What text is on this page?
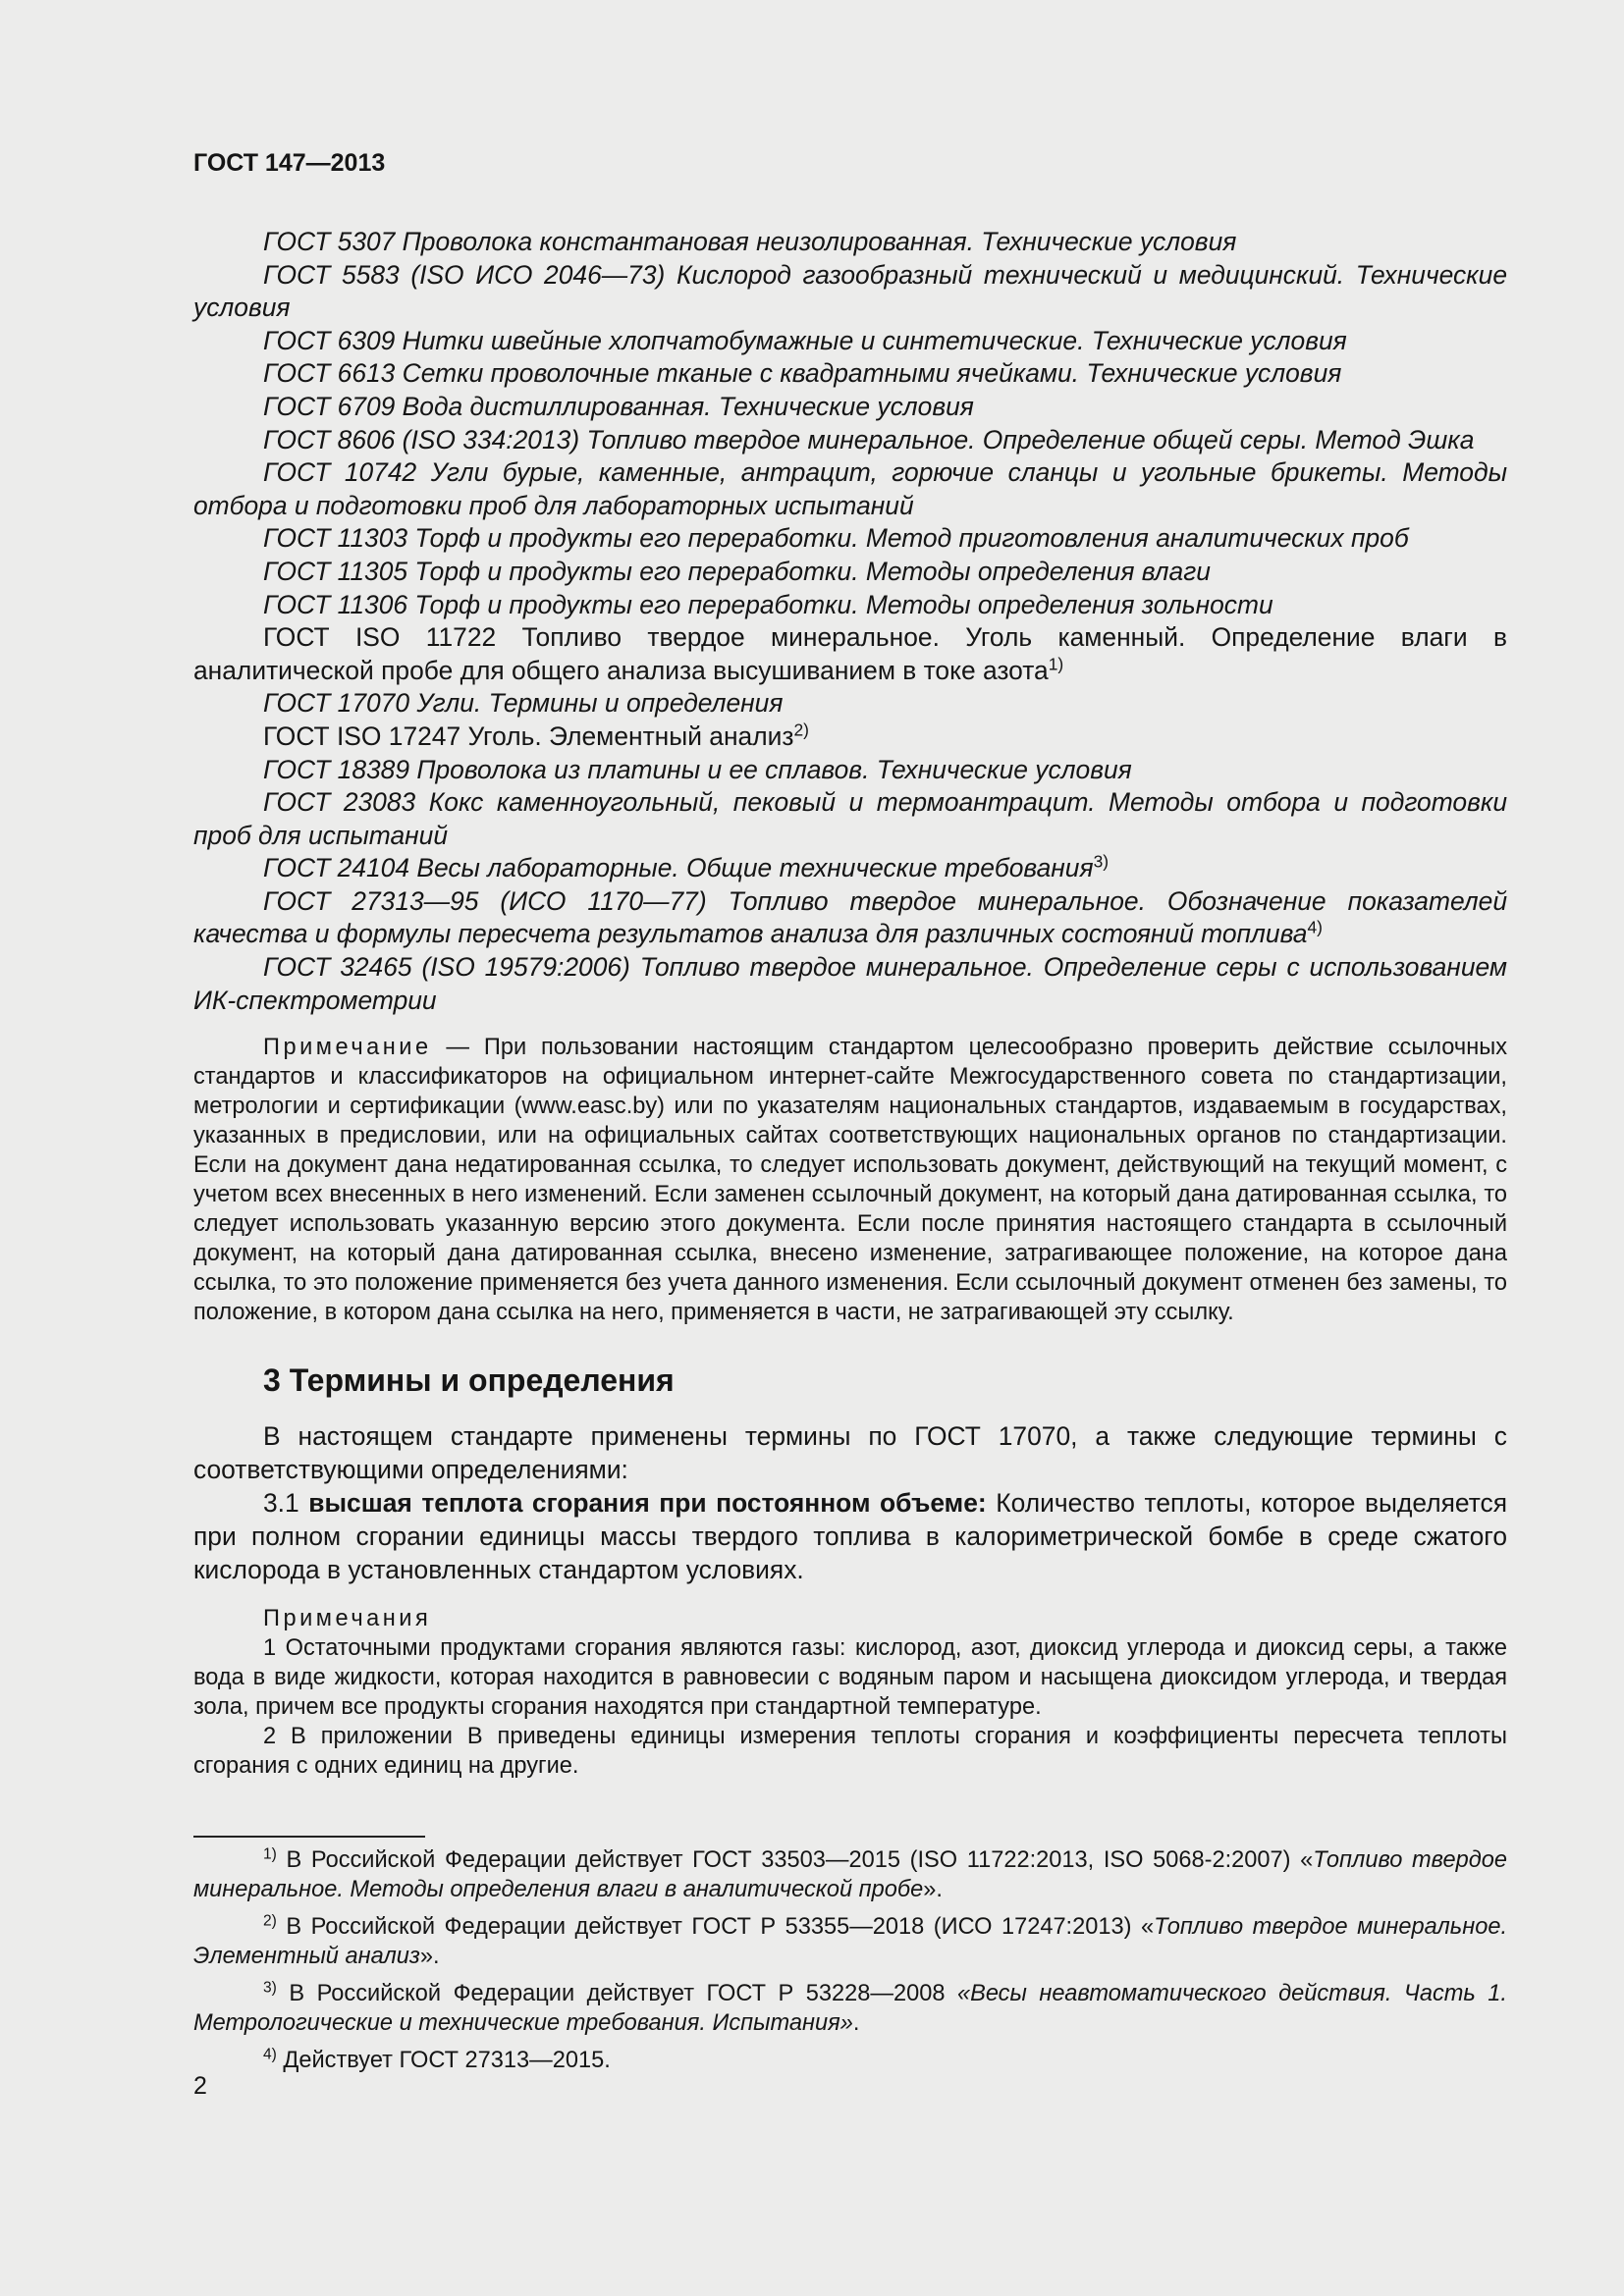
ГОСТ 147—2013

ГОСТ 5307 Проволока константановая неизолированная. Технические условия

ГОСТ 5583 (ISO ИСО 2046—73) Кислород газообразный технический и медицинский. Технические условия

ГОСТ 6309 Нитки швейные хлопчатобумажные и синтетические. Технические условия

ГОСТ 6613 Сетки проволочные тканые с квадратными ячейками. Технические условия

ГОСТ 6709 Вода дистиллированная. Технические условия

ГОСТ 8606 (ISO 334:2013) Топливо твердое минеральное. Определение общей серы. Метод Эшка

ГОСТ 10742 Угли бурые, каменные, антрацит, горючие сланцы и угольные брикеты. Методы отбора и подготовки проб для лабораторных испытаний

ГОСТ 11303 Торф и продукты его переработки. Метод приготовления аналитических проб

ГОСТ 11305 Торф и продукты его переработки. Методы определения влаги

ГОСТ 11306 Торф и продукты его переработки. Методы определения зольности

ГОСТ ISO 11722 Топливо твердое минеральное. Уголь каменный. Определение влаги в аналитической пробе для общего анализа высушиванием в токе азота$^{1)}$

ГОСТ 17070 Угли. Термины и определения

ГОСТ ISO 17247 Уголь. Элементный анализ$^{2)}$

ГОСТ 18389 Проволока из платины и ее сплавов. Технические условия

ГОСТ 23083 Кокс каменноугольный, пековый и термоантрацит. Методы отбора и подготовки проб для испытаний

ГОСТ 24104 Весы лабораторные. Общие технические требования$^{3)}$

ГОСТ 27313—95 (ИСО 1170—77) Топливо твердое минеральное. Обозначение показателей качества и формулы пересчета результатов анализа для различных состояний топлива$^{4)}$

ГОСТ 32465 (ISO 19579:2006) Топливо твердое минеральное. Определение серы с использованием ИК-спектрометрии

Примечание — При пользовании настоящим стандартом целесообразно проверить действие ссылочных стандартов и классификаторов на официальном интернет-сайте Межгосударственного совета по стандартизации, метрологии и сертификации (www.easc.by) или по указателям национальных стандартов, издаваемым в государствах, указанных в предисловии, или на официальных сайтах соответствующих национальных органов по стандартизации. Если на документ дана недатированная ссылка, то следует использовать документ, действующий на текущий момент, с учетом всех внесенных в него изменений. Если заменен ссылочный документ, на который дана датированная ссылка, то следует использовать указанную версию этого документа. Если после принятия настоящего стандарта в ссылочный документ, на который дана датированная ссылка, внесено изменение, затрагивающее положение, на которое дана ссылка, то это положение применяется без учета данного изменения. Если ссылочный документ отменен без замены, то положение, в котором дана ссылка на него, применяется в части, не затрагивающей эту ссылку.

3 Термины и определения

В настоящем стандарте применены термины по ГОСТ 17070, а также следующие термины с соответствующими определениями:

3.1 высшая теплота сгорания при постоянном объеме: Количество теплоты, которое выделяется при полном сгорании единицы массы твердого топлива в калориметрической бомбе в среде сжатого кислорода в установленных стандартом условиях.

Примечания

1 Остаточными продуктами сгорания являются газы: кислород, азот, диоксид углерода и диоксид серы, а также вода в виде жидкости, которая находится в равновесии с водяным паром и насыщена диоксидом углерода, и твердая зола, причем все продукты сгорания находятся при стандартной температуре.

2 В приложении В приведены единицы измерения теплоты сгорания и коэффициенты пересчета теплоты сгорания с одних единиц на другие.

$^{1)}$ В Российской Федерации действует ГОСТ 33503—2015 (ISO 11722:2013, ISO 5068-2:2007) «Топливо твердое минеральное. Методы определения влаги в аналитической пробе».

$^{2)}$ В Российской Федерации действует ГОСТ Р 53355—2018 (ИСО 17247:2013) «Топливо твердое минеральное. Элементный анализ».

$^{3)}$ В Российской Федерации действует ГОСТ Р 53228—2008 «Весы неавтоматического действия. Часть 1. Метрологические и технические требования. Испытания».

$^{4)}$ Действует ГОСТ 27313—2015.

2
